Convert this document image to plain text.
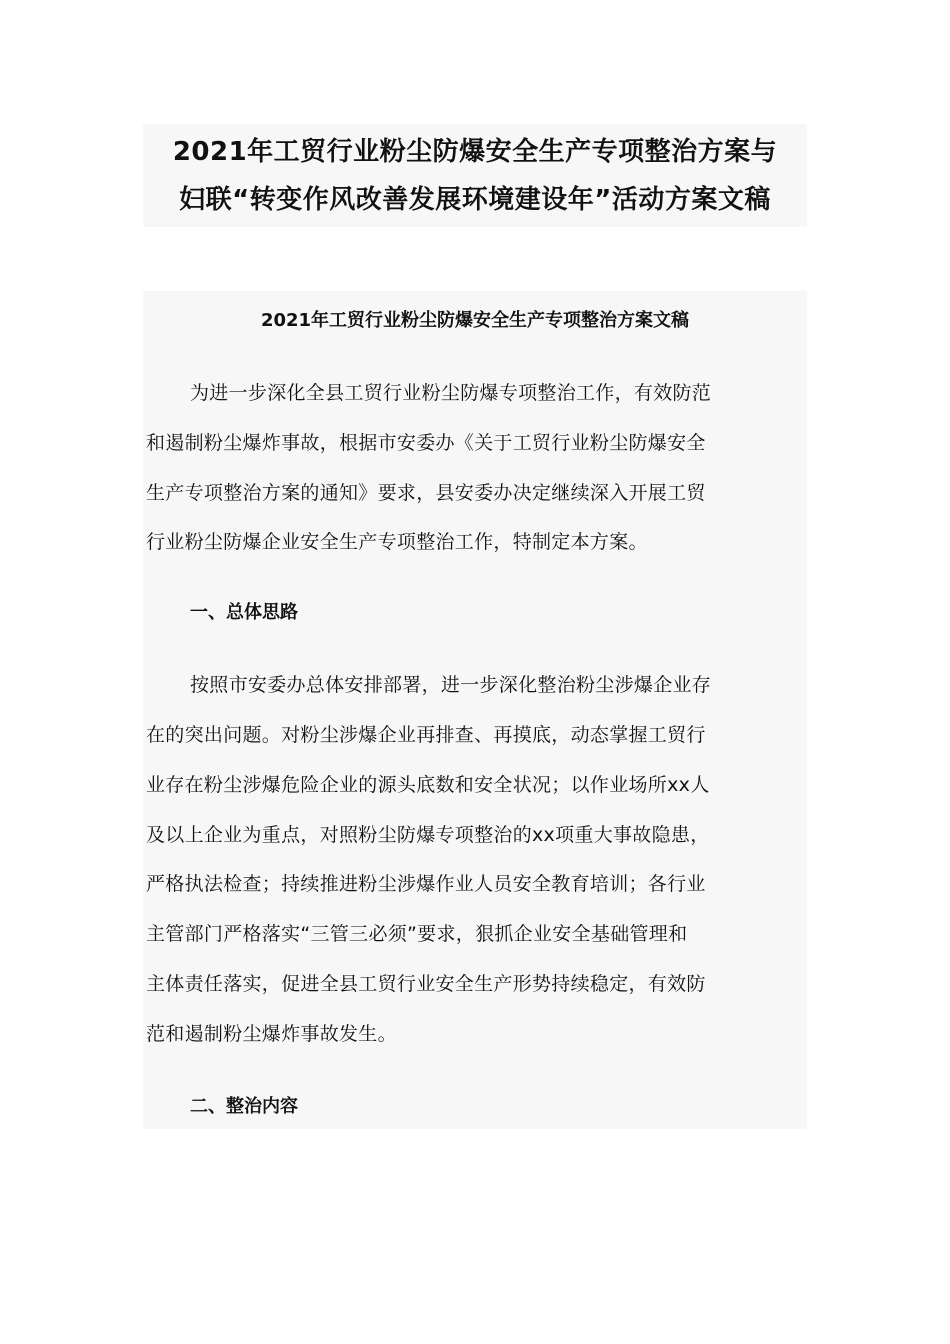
2021年工贸行业粉尘防爆安全生产专项整治方案与
妇联“转变作风改善发展环境建设年”活动方案文稿
2021年工贸行业粉尘防爆安全生产专项整治方案文稿
为进一步深化全县工贸行业粉尘防爆专项整治工作，有效防范
和遏制粉尘爆炸事故，根据市安委办《关于工贸行业粉尘防爆安全
生产专项整治方案的通知》要求，县安委办决定继续深入开展工贸
行业粉尘防爆企业安全生产专项整治工作，特制定本方案。
一、总体思路
按照市安委办总体安排部署，进一步深化整治粉尘涉爆企业存
在的突出问题。对粉尘涉爆企业再排查、再摸底，动态掌握工贸行
业存在粉尘涉爆危险企业的源头底数和安全状况；以作业场所xx人
及以上企业为重点，对照粉尘防爆专项整治的xx项重大事故隐患，
严格执法检查；持续推进粉尘涉爆作业人员安全教育培训；各行业
主管部门严格落实“三管三必须”要求，狠抓企业安全基础管理和
主体责任落实，促进全县工贸行业安全生产形势持续稳定，有效防
范和遏制粉尘爆炸事故发生。
二、整治内容
